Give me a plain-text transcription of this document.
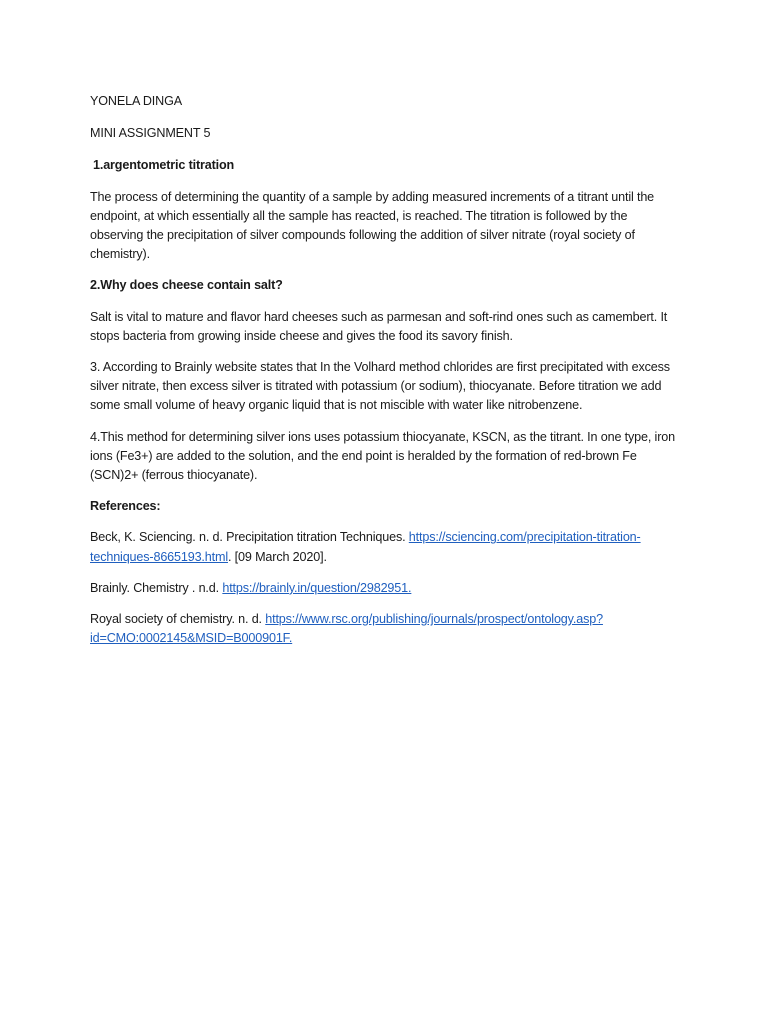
YONELA DINGA
MINI ASSIGNMENT 5
1.argentometric titration

The process of determining the quantity of a sample by adding measured increments of a titrant until the endpoint, at which essentially all the sample has reacted, is reached. The titration is followed by the observing the precipitation of silver compounds following the addition of silver nitrate (royal society of chemistry).

2.Why does cheese contain salt?

Salt is vital to mature and flavor hard cheeses such as parmesan and soft-rind ones such as camembert. It stops bacteria from growing inside cheese and gives the food its savory finish.

3. According to Brainly website states that In the Volhard method chlorides are first precipitated with excess silver nitrate, then excess silver is titrated with potassium (or sodium), thiocyanate. Before titration we add some small volume of heavy organic liquid that is not miscible with water like nitrobenzene.

4.This method for determining silver ions uses potassium thiocyanate, KSCN, as the titrant. In one type, iron ions (Fe3+) are added to the solution, and the end point is heralded by the formation of red-brown Fe (SCN)2+ (ferrous thiocyanate).

References:

Beck, K. Sciencing. n. d. Precipitation titration Techniques. https://sciencing.com/precipitation-titration-techniques-8665193.html. [09 March 2020].

Brainly. Chemistry . n.d. https://brainly.in/question/2982951.

Royal society of chemistry. n. d. https://www.rsc.org/publishing/journals/prospect/ontology.asp?id=CMO:0002145&MSID=B000901F.
